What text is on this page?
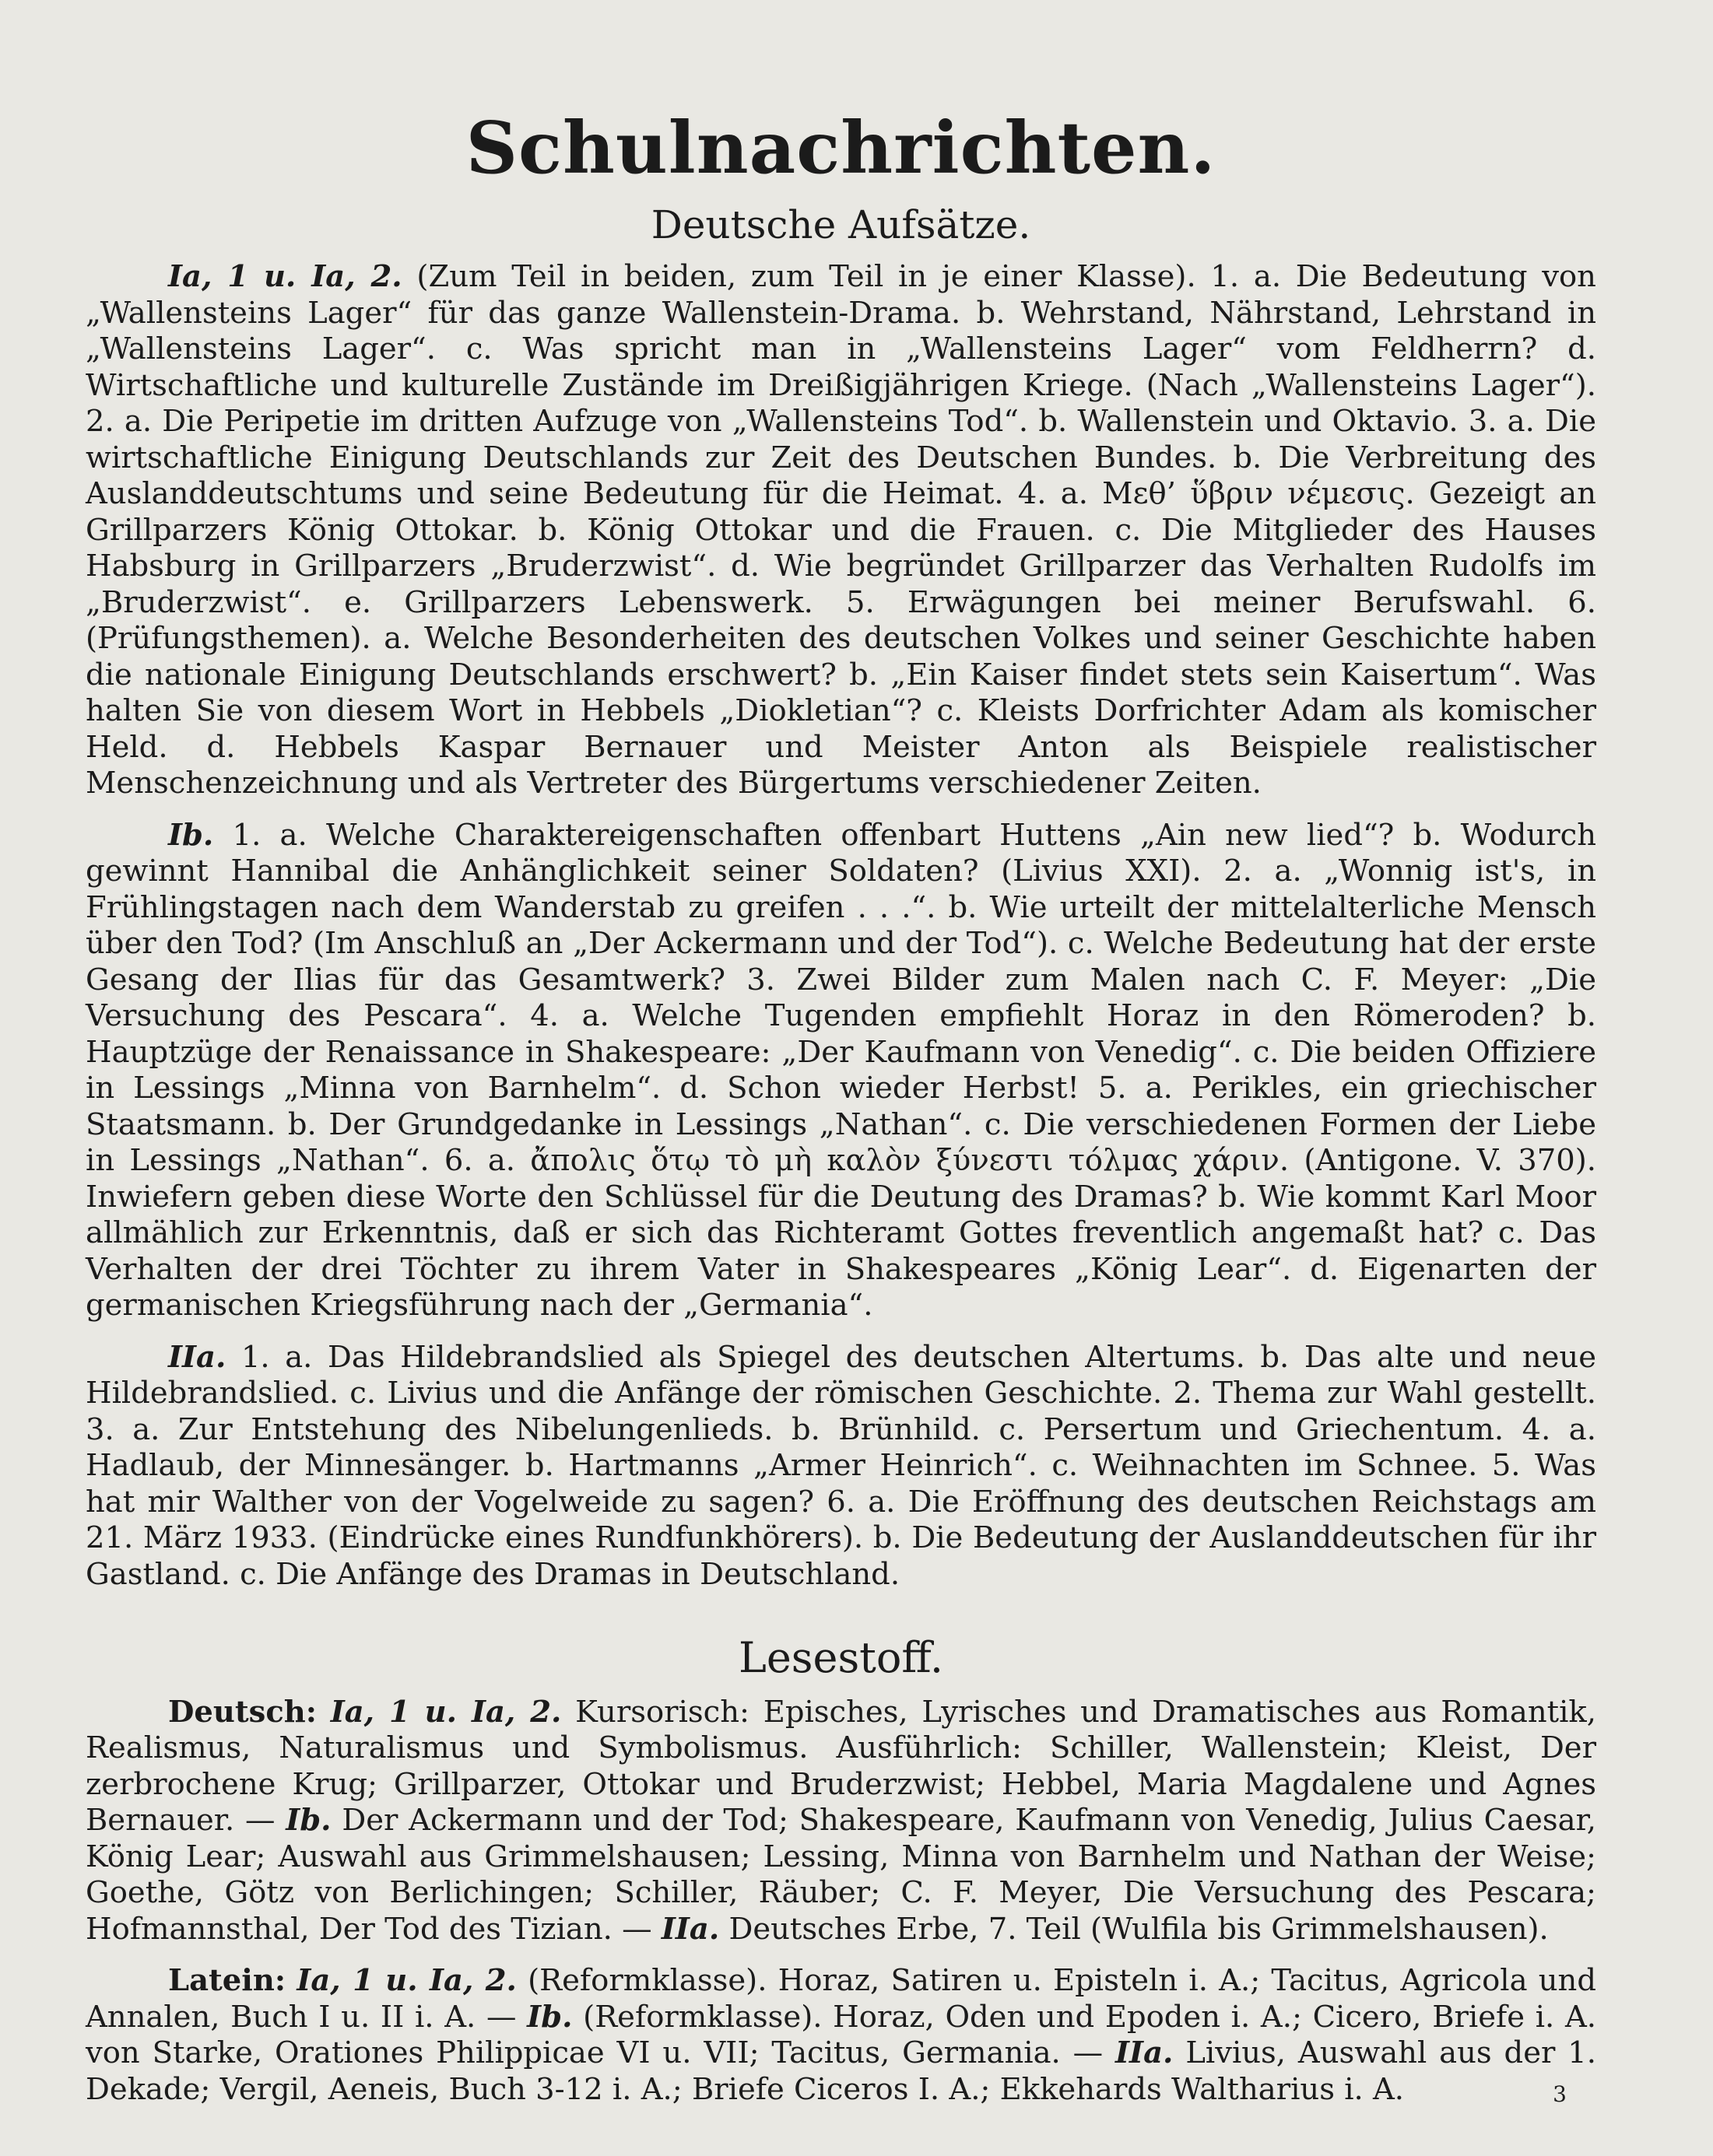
Schulnachrichten.
Deutsche Aufsätze.

Ia, 1 u. Ia, 2. (Zum Teil in beiden, zum Teil in je einer Klasse). 1. a. Die Bedeutung von „Wallensteins Lager“ für das ganze Wallenstein-Drama. b. Wehrstand, Nährstand, Lehrstand in „Wallensteins Lager“. c. Was spricht man in „Wallensteins Lager“ vom Feldherrn? d. Wirtschaftliche und kulturelle Zustände im Dreißigjährigen Kriege. (Nach „Wallensteins Lager“). 2. a. Die Peripetie im dritten Aufzuge von „Wallensteins Tod“. b. Wallenstein und Oktavio. 3. a. Die wirtschaftliche Einigung Deutschlands zur Zeit des Deutschen Bundes. b. Die Verbreitung des Auslanddeutschtums und seine Bedeutung für die Heimat. 4. a. Μεθ’ ὕβριν νέμεσις. Gezeigt an Grillparzers König Ottokar. b. König Ottokar und die Frauen. c. Die Mitglieder des Hauses Habsburg in Grillparzers „Bruderzwist“. d. Wie begründet Grillparzer das Verhalten Rudolfs im „Bruderzwist“. e. Grillparzers Lebenswerk. 5. Erwägungen bei meiner Berufswahl. 6. (Prüfungsthemen). a. Welche Besonderheiten des deutschen Volkes und seiner Geschichte haben die nationale Einigung Deutschlands erschwert? b. „Ein Kaiser findet stets sein Kaisertum“. Was halten Sie von diesem Wort in Hebbels „Diokletian“? c. Kleists Dorfrichter Adam als komischer Held. d. Hebbels Kaspar Bernauer und Meister Anton als Beispiele realistischer Menschenzeichnung und als Vertreter des Bürgertums verschiedener Zeiten.

Ib. 1. a. Welche Charaktereigenschaften offenbart Huttens „Ain new lied“? b. Wodurch gewinnt Hannibal die Anhänglichkeit seiner Soldaten? (Livius XXI). 2. a. „Wonnig ist's, in Frühlingstagen nach dem Wanderstab zu greifen . . .“. b. Wie urteilt der mittelalterliche Mensch über den Tod? (Im Anschluß an „Der Ackermann und der Tod“). c. Welche Bedeutung hat der erste Gesang der Ilias für das Gesamtwerk? 3. Zwei Bilder zum Malen nach C. F. Meyer: „Die Versuchung des Pescara“. 4. a. Welche Tugenden empfiehlt Horaz in den Römeroden? b. Hauptzüge der Renaissance in Shakespeare: „Der Kaufmann von Venedig“. c. Die beiden Offiziere in Lessings „Minna von Barnhelm“. d. Schon wieder Herbst! 5. a. Perikles, ein griechischer Staatsmann. b. Der Grundgedanke in Lessings „Nathan“. c. Die verschiedenen Formen der Liebe in Lessings „Nathan“. 6. a. ἄπολις ὅτῳ τὸ μὴ καλὸν ξύνεστι τόλμας χάριν. (Antigone. V. 370). Inwiefern geben diese Worte den Schlüssel für die Deutung des Dramas? b. Wie kommt Karl Moor allmählich zur Erkenntnis, daß er sich das Richteramt Gottes freventlich angemaßt hat? c. Das Verhalten der drei Töchter zu ihrem Vater in Shakespeares „König Lear“. d. Eigenarten der germanischen Kriegsführung nach der „Germania“.

IIa. 1. a. Das Hildebrandslied als Spiegel des deutschen Altertums. b. Das alte und neue Hildebrandslied. c. Livius und die Anfänge der römischen Geschichte. 2. Thema zur Wahl gestellt. 3. a. Zur Entstehung des Nibelungenlieds. b. Brünhild. c. Persertum und Griechentum. 4. a. Hadlaub, der Minnesänger. b. Hartmanns „Armer Heinrich“. c. Weihnachten im Schnee. 5. Was hat mir Walther von der Vogelweide zu sagen? 6. a. Die Eröffnung des deutschen Reichstags am 21. März 1933. (Eindrücke eines Rundfunkhörers). b. Die Bedeutung der Auslanddeutschen für ihr Gastland. c. Die Anfänge des Dramas in Deutschland.

Lesestoff.

Deutsch: Ia, 1 u. Ia, 2. Kursorisch: Episches, Lyrisches und Dramatisches aus Romantik, Realismus, Naturalismus und Symbolismus. Ausführlich: Schiller, Wallenstein; Kleist, Der zerbrochene Krug; Grillparzer, Ottokar und Bruderzwist; Hebbel, Maria Magdalene und Agnes Bernauer. — Ib. Der Ackermann und der Tod; Shakespeare, Kaufmann von Venedig, Julius Caesar, König Lear; Auswahl aus Grimmelshausen; Lessing, Minna von Barnhelm und Nathan der Weise; Goethe, Götz von Berlichingen; Schiller, Räuber; C. F. Meyer, Die Versuchung des Pescara; Hofmannsthal, Der Tod des Tizian. — IIa. Deutsches Erbe, 7. Teil (Wulfila bis Grimmelshausen).

Latein: Ia, 1 u. Ia, 2. (Reformklasse). Horaz, Satiren u. Episteln i. A.; Tacitus, Agricola und Annalen, Buch I u. II i. A. — Ib. (Reformklasse). Horaz, Oden und Epoden i. A.; Cicero, Briefe i. A. von Starke, Orationes Philippicae VI u. VII; Tacitus, Germania. — IIa. Livius, Auswahl aus der 1. Dekade; Vergil, Aeneis, Buch 3-12 i. A.; Briefe Ciceros I. A.; Ekkehards Waltharius i. A.	3
